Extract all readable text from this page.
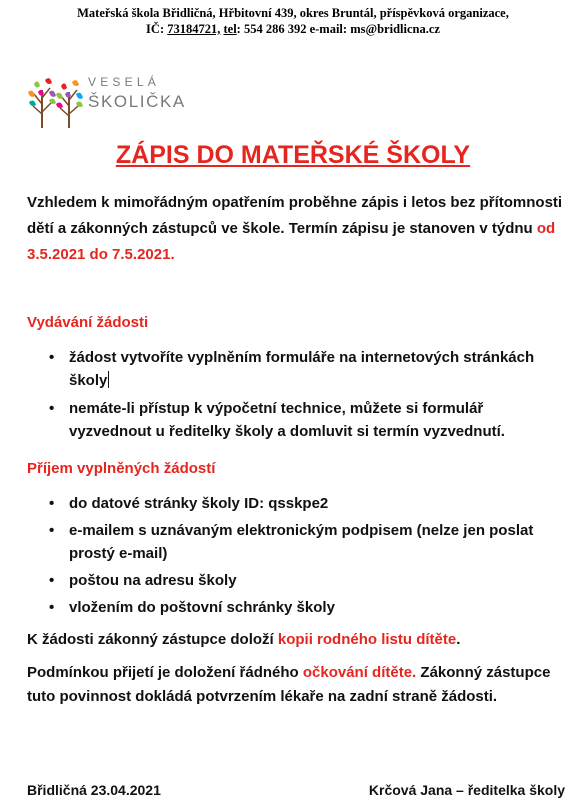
Mateřská škola Břidličná, Hřbitovní 439, okres Bruntál, příspěvková organizace,
IČ: 73184721, tel: 554 286 392 e-mail: ms@bridlicna.cz
VESELÁ
ŠKOLIČKA
ZÁPIS DO MATEŘSKÉ ŠKOLY
Vzhledem k mimořádným opatřením proběhne zápis i letos bez přítomnosti dětí a zákonných zástupců ve škole. Termín zápisu je stanoven v týdnu od 3.5.2021 do 7.5.2021.
Vydávání žádosti
• žádost vytvoříte vyplněním formuláře na internetových stránkách školy
• nemáte-li přístup k výpočetní technice, můžete si formulář vyzvednout u ředitelky školy a domluvit si termín vyzvednutí.
Příjem vyplněných žádostí
• do datové stránky školy ID: qsskpe2
• e-mailem s uznávaným elektronickým podpisem (nelze jen poslat prostý e-mail)
• poštou na adresu školy
• vložením do poštovní schránky školy
K žádosti zákonný zástupce doloží kopii rodného listu dítěte.
Podmínkou přijetí je doložení řádného očkování dítěte. Zákonný zástupce tuto povinnost dokládá potvrzením lékaře na zadní straně žádosti.
Břidličná 23.04.2021	Krčová Jana – ředitelka školy
